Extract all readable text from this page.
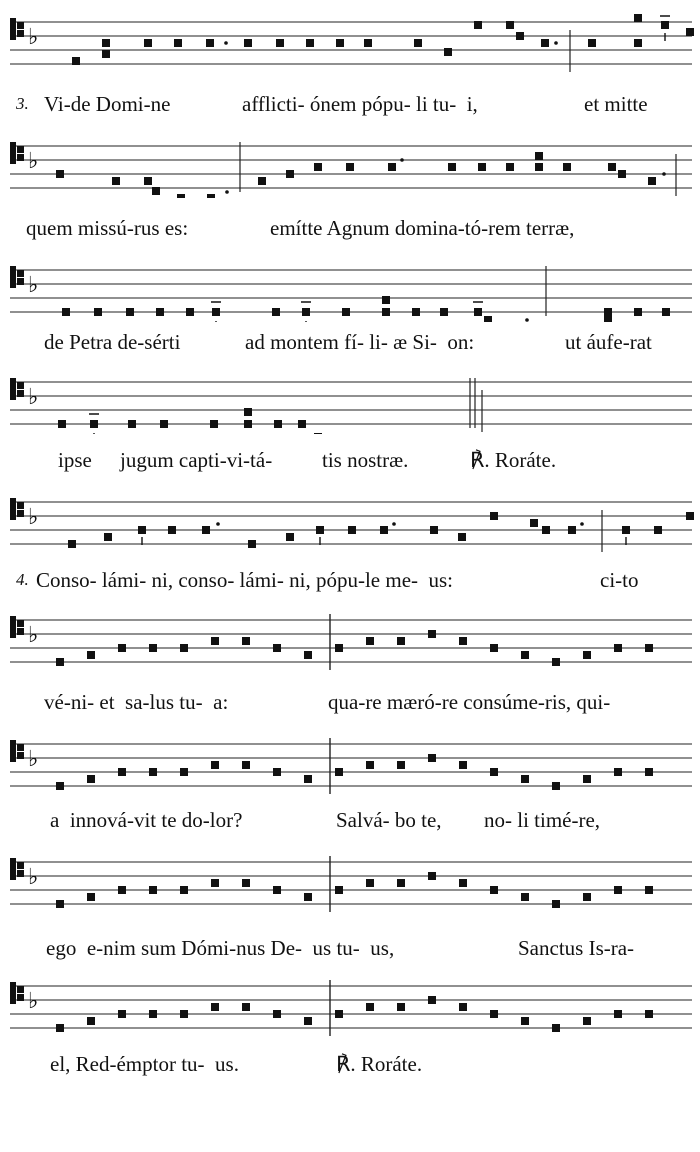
♭

3.

Vi-de Domi-ne

	afflicti- ónem pópu- li tu-  i,

	et mitte

♭

quem missú-rus es:

	emítte Agnum domina-tó-rem terræ,

♭

de Petra de-sérti

	ad montem fí- li- æ Si-  on:

	ut áufe-rat

♭

ipse

jugum capti-vi-tá-

tis nostræ.

	℟. Roráte.

♭

4.

Conso- lámi- ni, conso- lámi- ni, pópu-le me-  us:

	ci-to

♭

vé-ni- et  sa-lus tu-  a:

	qua-re mæró-re consúme-ris, qui-

♭

a  innová-vit te do-lor?

	Salvá- bo te,

no- li timé-re,

♭

ego  e-nim sum Dómi-nus De-  us tu-  us,

	Sanctus Is-ra-

♭

el, Red-émptor tu-  us.

	℟. Roráte.
